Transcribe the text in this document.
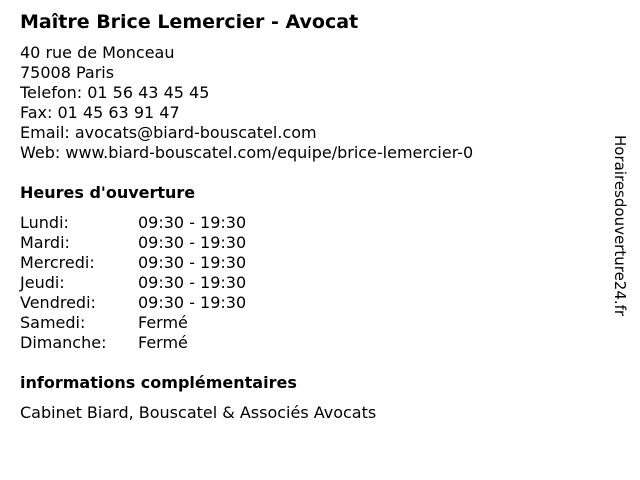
Maître Brice Lemercier - Avocat
40 rue de Monceau
75008 Paris
Telefon: 01 56 43 45 45
Fax: 01 45 63 91 47
Email: avocats@biard-bouscatel.com
Web: www.biard-bouscatel.com/equipe/brice-lemercier-0
Heures d'ouverture
Lundi:	09:30 - 19:30
Mardi:	09:30 - 19:30
Mercredi:	09:30 - 19:30
Jeudi:	09:30 - 19:30
Vendredi:	09:30 - 19:30
Samedi:	Fermé
Dimanche:	Fermé
informations complémentaires
Cabinet Biard, Bouscatel & Associés Avocats
Horairesdouverture24.fr
